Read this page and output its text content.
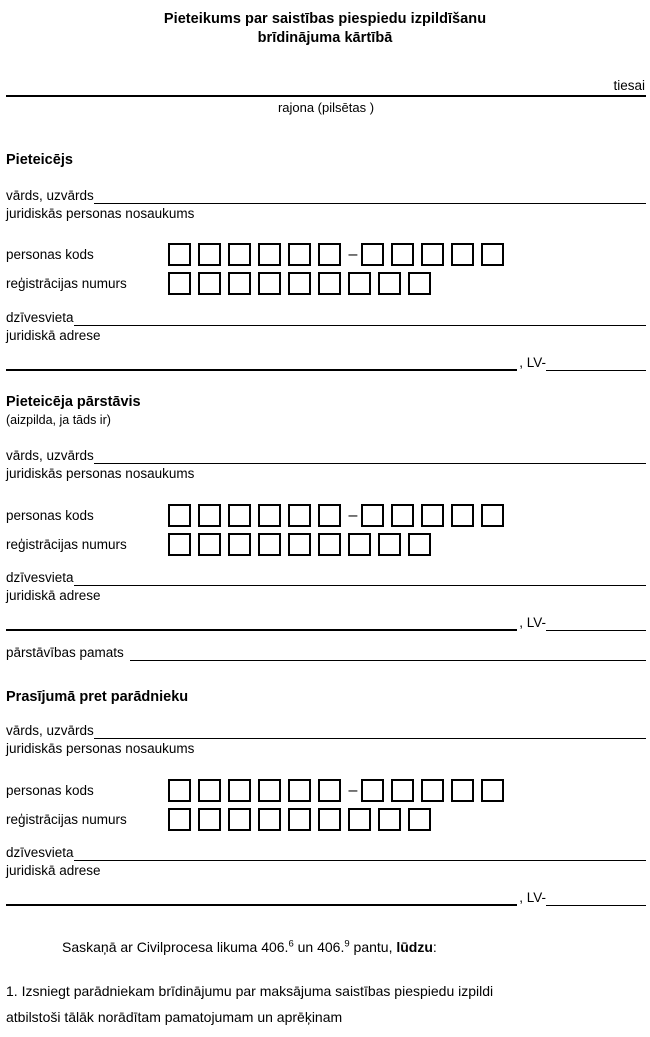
Pieteikums par saistības piespiedu izpildīšanu
brīdinājuma kārtībā
tiesai
rajona (pilsētas )
Pieteicējs
vārds, uzvārds
juridiskās personas nosaukums
personas kods	–
reģistrācijas numurs
dzīvesvieta
juridiskā adrese
, LV-
Pieteicēja pārstāvis
(aizpilda, ja tāds ir)
vārds, uzvārds
juridiskās personas nosaukums
personas kods	–
reģistrācijas numurs
dzīvesvieta
juridiskā adrese
, LV-
pārstāvības pamats
Prasījumā pret parādnieku
vārds, uzvārds
juridiskās personas nosaukums
personas kods	–
reģistrācijas numurs
dzīvesvieta
juridiskā adrese
, LV-
Saskaņā ar Civilprocesa likuma 406.$^6$ un 406.$^9$ pantu, lūdzu:
1. Izsniegt parādniekam brīdinājumu par maksājuma saistības piespiedu izpildi
atbilstoši tālāk norādītam pamatojumam un aprēķinam
